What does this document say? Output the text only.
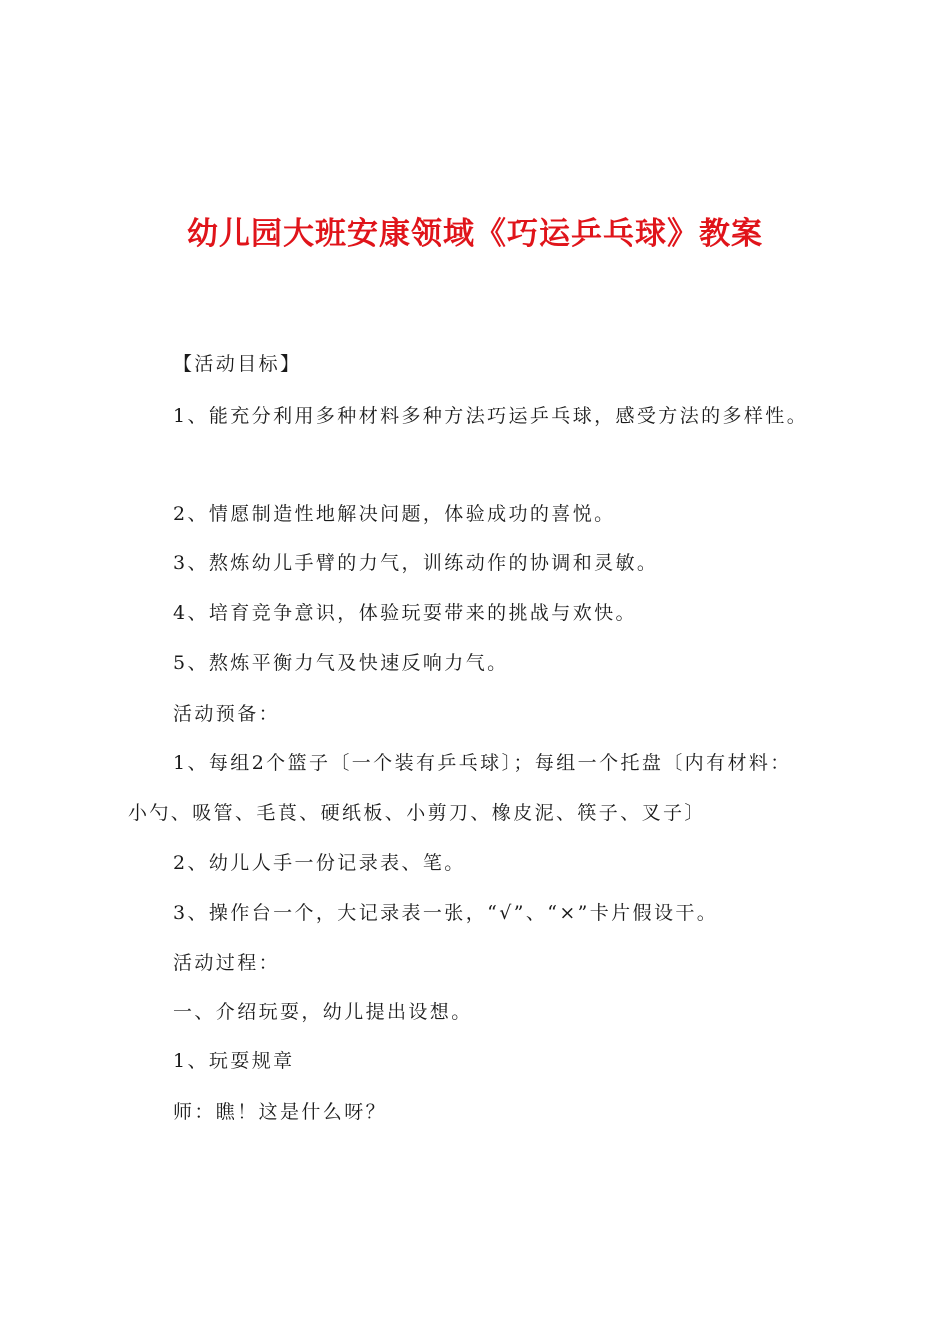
幼儿园大班安康领域《巧运乒乓球》教案
【活动目标】
1、能充分利用多种材料多种方法巧运乒乓球，感受方法的多样性。
2、情愿制造性地解决问题，体验成功的喜悦。
3、熬炼幼儿手臂的力气，训练动作的协调和灵敏。
4、培育竞争意识，体验玩耍带来的挑战与欢快。
5、熬炼平衡力气及快速反响力气。
活动预备：
1、每组2个篮子〔一个装有乒乓球〕；每组一个托盘〔内有材料：
小勺、吸管、毛莨、硬纸板、小剪刀、橡皮泥、筷子、叉子〕
2、幼儿人手一份记录表、笔。
3、操作台一个，大记录表一张，“√”、“×”卡片假设干。
活动过程：
一、介绍玩耍，幼儿提出设想。
1、玩耍规章
师：瞧！这是什么呀？
